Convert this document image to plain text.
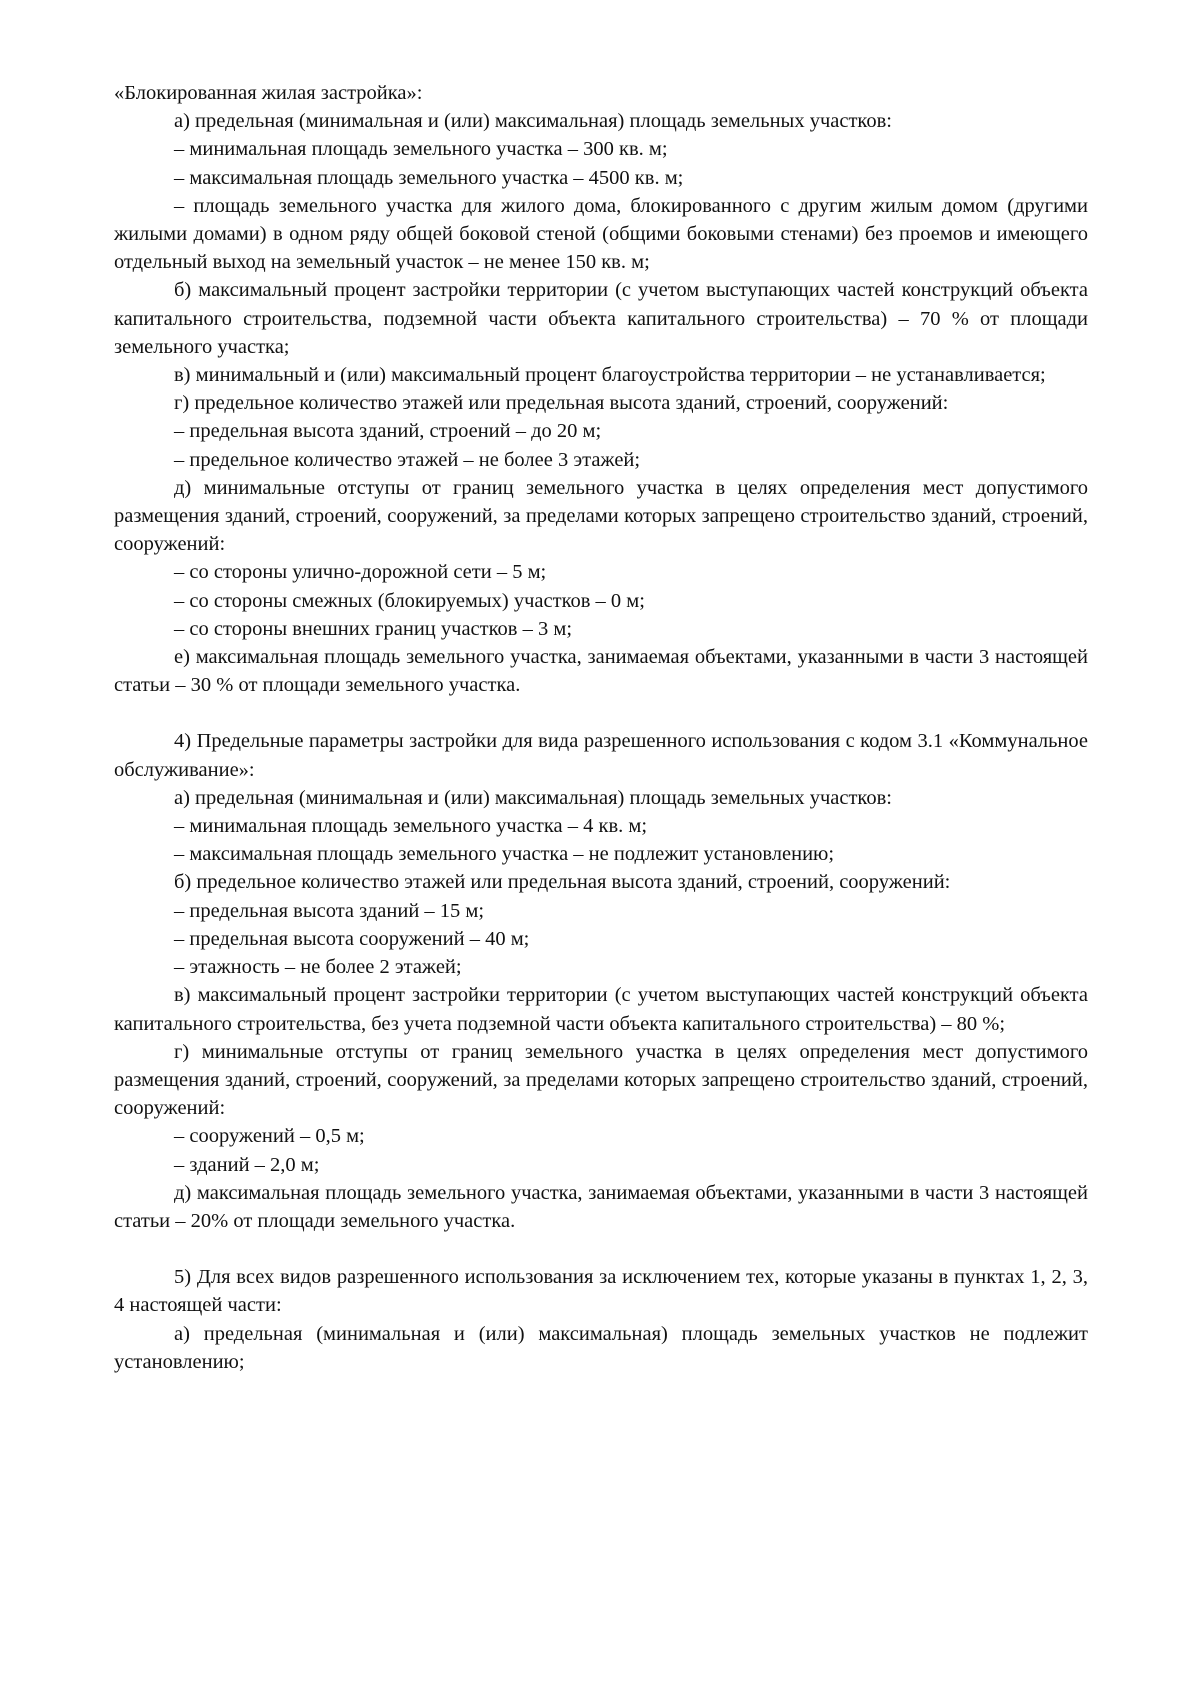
«Блокированная жилая застройка»:

а) предельная (минимальная и (или) максимальная) площадь земельных участков:

– минимальная площадь земельного участка – 300 кв. м;

– максимальная площадь земельного участка – 4500 кв. м;

– площадь земельного участка для жилого дома, блокированного с другим жилым домом (другими жилыми домами) в одном ряду общей боковой стеной (общими боковыми стенами) без проемов и имеющего отдельный выход на земельный участок – не менее 150 кв. м;

б) максимальный процент застройки территории (с учетом выступающих частей конструкций объекта капитального строительства, подземной части объекта капитального строительства) – 70 % от площади земельного участка;

в) минимальный и (или) максимальный процент благоустройства территории – не устанавливается;

г) предельное количество этажей или предельная высота зданий, строений, сооружений:

– предельная высота зданий, строений – до 20 м;

– предельное количество этажей – не более 3 этажей;

д) минимальные отступы от границ земельного участка в целях определения мест допустимого размещения зданий, строений, сооружений, за пределами которых запрещено строительство зданий, строений, сооружений:

– со стороны улично-дорожной сети – 5 м;

– со стороны смежных (блокируемых) участков – 0 м;

– со стороны внешних границ участков – 3 м;

е) максимальная площадь земельного участка, занимаемая объектами, указанными в части 3 настоящей статьи – 30 % от площади земельного участка.

4) Предельные параметры застройки для вида разрешенного использования с кодом 3.1 «Коммунальное обслуживание»:

а) предельная (минимальная и (или) максимальная) площадь земельных участков:

– минимальная площадь земельного участка – 4 кв. м;

– максимальная площадь земельного участка – не подлежит установлению;

б) предельное количество этажей или предельная высота зданий, строений, сооружений:

– предельная высота зданий – 15 м;

– предельная высота сооружений – 40 м;

– этажность – не более 2 этажей;

в) максимальный процент застройки территории (с учетом выступающих частей конструкций объекта капитального строительства, без учета подземной части объекта капитального строительства) – 80 %;

г) минимальные отступы от границ земельного участка в целях определения мест допустимого размещения зданий, строений, сооружений, за пределами которых запрещено строительство зданий, строений, сооружений:

– сооружений – 0,5 м;

– зданий – 2,0 м;

д) максимальная площадь земельного участка, занимаемая объектами, указанными в части 3 настоящей статьи – 20% от площади земельного участка.

5) Для всех видов разрешенного использования за исключением тех, которые указаны в пунктах 1, 2, 3, 4 настоящей части:

а) предельная (минимальная и (или) максимальная) площадь земельных участков не подлежит установлению;
